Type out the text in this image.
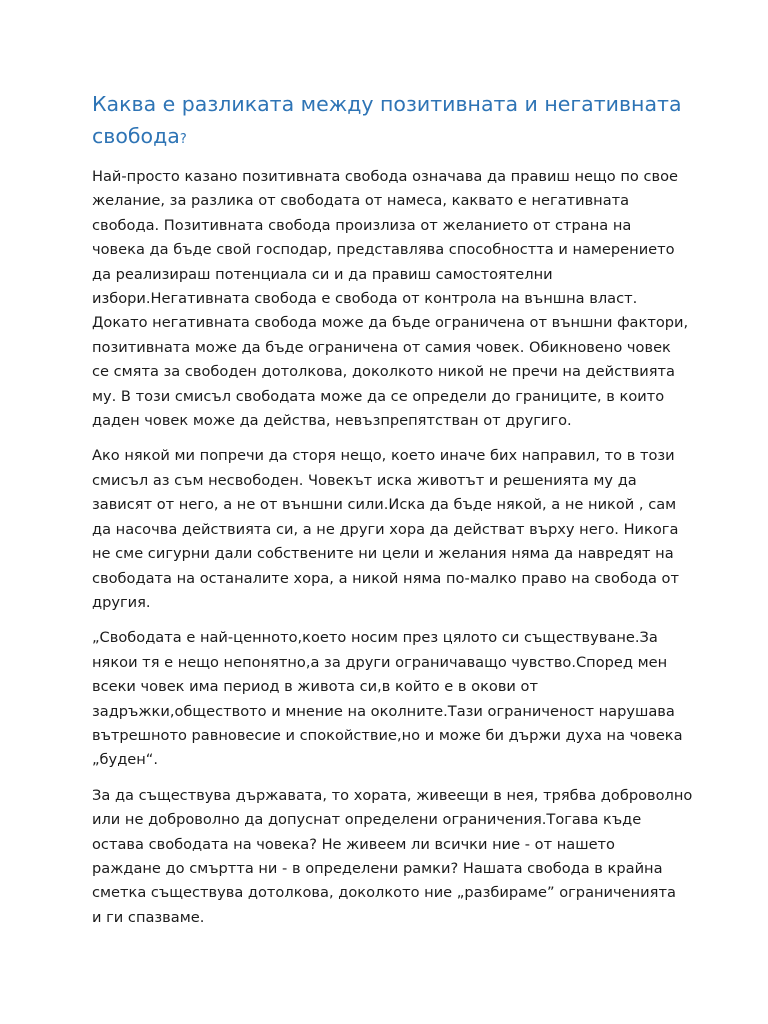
Каква е разликата между позитивната и негативната свобода?

Най-просто казано позитивната свобода означава да правиш нещо по свое
желание, за разлика от свободата от намеса, каквато е негативната
свобода. Позитивната свобода произлиза от желанието от страна на
човека да бъде свой господар, представлява способността и намерението
да реализираш потенциала си и да правиш самостоятелни
избори.Негативната свобода е свобода от контрола на външна власт.
Докато негативната свобода може да бъде ограничена от външни фактори,
позитивната може да бъде ограничена от самия човек. Обикновено човек
се смята за свободен дотолкова, доколкото никой не пречи на действията
му. В този смисъл свободата може да се определи до границите, в които
даден човек може да действа, невъзпрепятстван от другиго.

Ако някой ми попречи да сторя нещо, което иначе бих направил, то в този
смисъл аз съм несвободен. Човекът иска животът и решенията му да
зависят от него, а не от външни сили.Иска да бъде някой, а не никой , сам
да насочва действията си, а не други хора да действат върху него. Никога
не сме сигурни дали собствените ни цели и желания няма да навредят на
свободата на останалите хора, а никой няма по-малко право на свобода от
другия.

„Свободата е най-ценното,което носим през цялото си съществуване.За
някои тя е нещо непонятно,а за други ограничаващо чувство.Според мен
всеки човек има период в живота си,в който е в окови от
задръжки,обществото и мнение на околните.Тази ограниченост нарушава
вътрешното равновесие и спокойствие,но и може би държи духа на човека
„буден“.

За да съществува държавата, то хората, живеещи в нея, трябва доброволно
или не доброволно да допуснат определени ограничения.Тогава къде
остава свободата на човека? Не живеем ли всички ние - от нашето
раждане до смъртта ни - в определени рамки? Нашата свобода в крайна
сметка съществува дотолкова, доколкото ние „разбираме” ограниченията
и ги спазваме.
